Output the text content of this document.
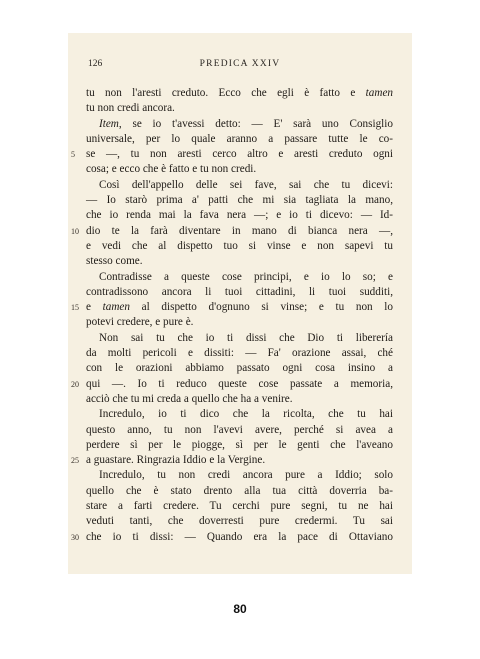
126	PREDICA XXIV
5
10
15
20
25
30
tu non l'aresti creduto. Ecco che egli è fatto e tamen
tu non credi ancora.
Item, se io t'avessi detto: — E' sarà uno Consiglio
universale, per lo quale aranno a passare tutte le co-
se —, tu non aresti cerco altro e aresti creduto ogni
cosa; e ecco che è fatto e tu non credi.
Così dell'appello delle sei fave, sai che tu dicevi:
— Io starò prima a' patti che mi sia tagliata la mano,
che io renda mai la fava nera —; e io ti dicevo: — Id-
dio te la farà diventare in mano di bianca nera —,
e vedi che al dispetto tuo si vinse e non sapevi tu
stesso come.
Contradisse a queste cose principi, e io lo so; e
contradissono ancora li tuoi cittadini, li tuoi sudditi,
e tamen al dispetto d'ognuno si vinse; e tu non lo
potevi credere, e pure è.
Non sai tu che io ti dissi che Dio ti liberería
da molti pericoli e dissiti: — Fa' orazione assai, ché
con le orazioni abbiamo passato ogni cosa insino a
qui —. Io ti reduco queste cose passate a memoria,
acciò che tu mi creda a quello che ha a venire.
Incredulo, io ti dico che la ricolta, che tu hai
questo anno, tu non l'avevi avere, perché si avea a
perdere sì per le piogge, sì per le genti che l'aveano
a guastare. Ringrazia Iddio e la Vergine.
Incredulo, tu non credi ancora pure a Iddio; solo
quello che è stato drento alla tua città doverria ba-
stare a farti credere. Tu cerchi pure segni, tu ne hai
veduti tanti, che doverresti pure credermi. Tu sai
che io ti dissi: — Quando era la pace di Ottaviano
80
